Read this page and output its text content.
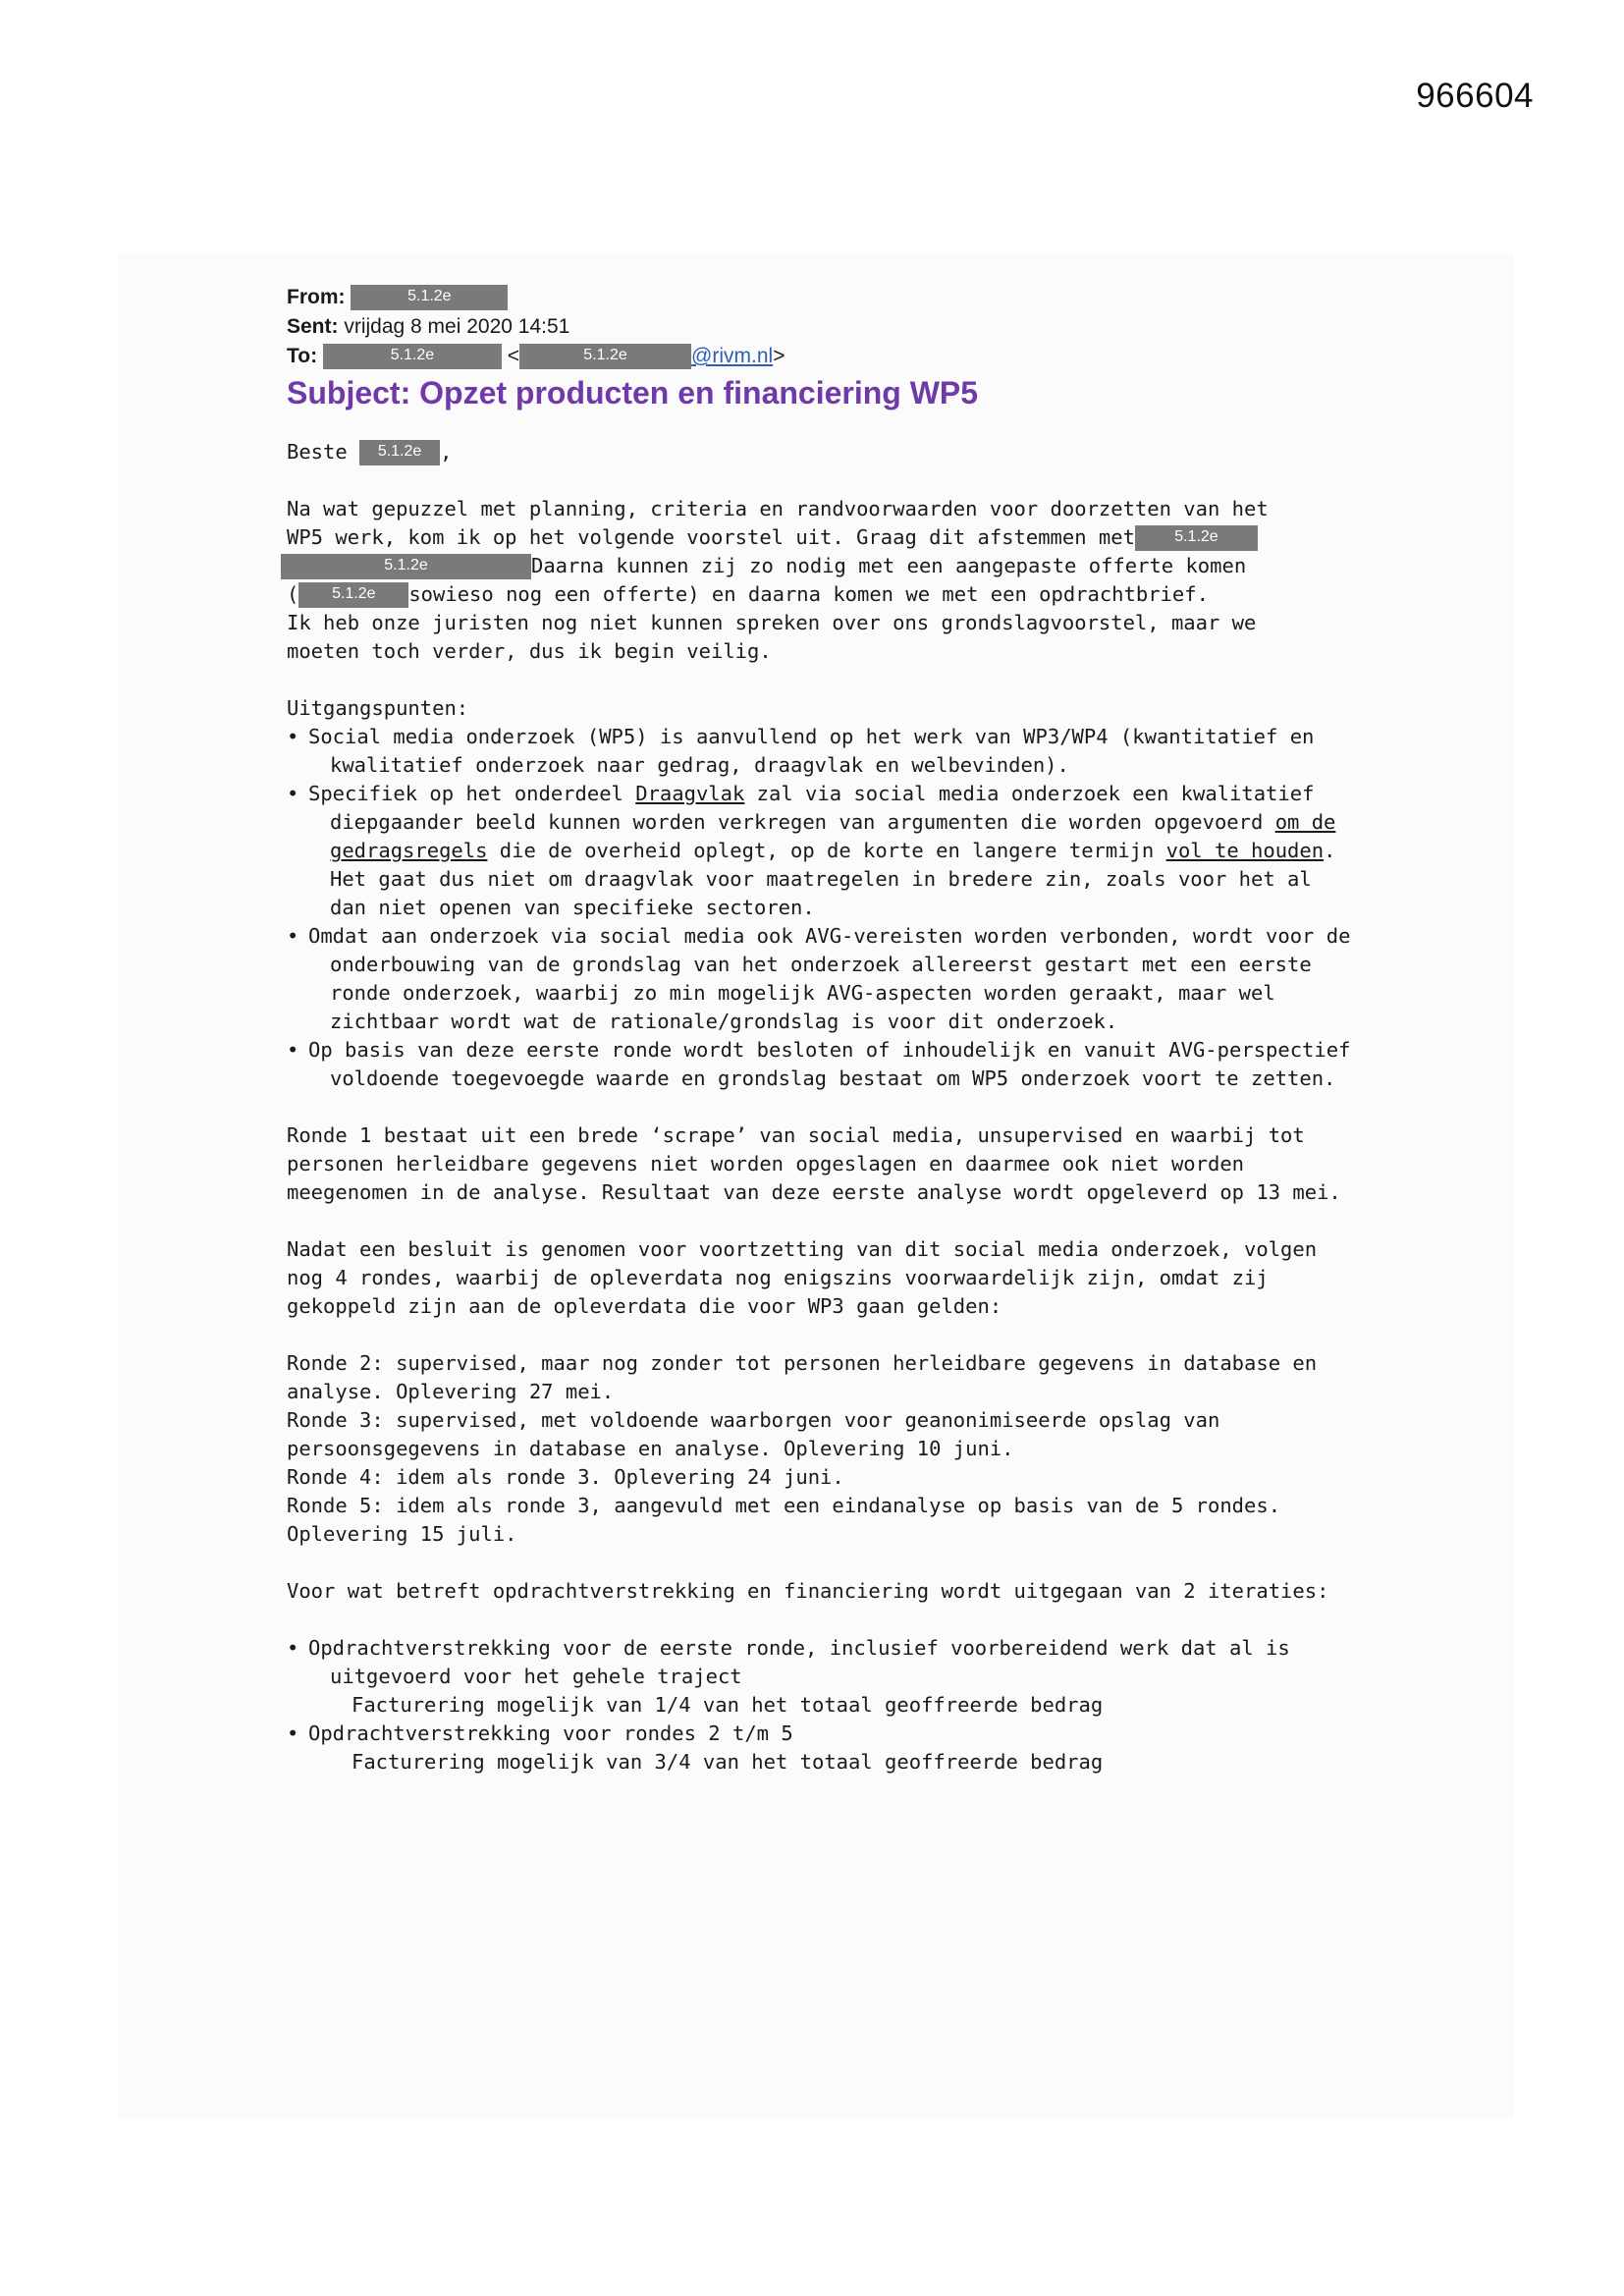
966604
From:	5.1.2e
Sent: vrijdag 8 mei 2020 14:51
To:	5.1.2e	<	5.1.2e	@rivm.nl>
Subject: Opzet producten en financiering WP5

Beste 5.1.2e ,

Na wat gepuzzel met planning, criteria en randvoorwaarden voor doorzetten van het
WP5 werk, kom ik op het volgende voorstel uit. Graag dit afstemmen met	5.1.2e
5.1.2e	Daarna kunnen zij zo nodig met een aangepaste offerte komen
( 5.1.2e sowieso nog een offerte) en daarna komen we met een opdrachtbrief.
Ik heb onze juristen nog niet kunnen spreken over ons grondslagvoorstel, maar we
moeten toch verder, dus ik begin veilig.

Uitgangspunten:

• Social media onderzoek (WP5) is aanvullend op het werk van WP3/WP4 (kwantitatief en kwalitatief onderzoek naar gedrag, draagvlak en welbevinden).
• Specifiek op het onderdeel Draagvlak zal via social media onderzoek een kwalitatief diepgaander beeld kunnen worden verkregen van argumenten die worden opgevoerd om de gedragsregels die de overheid oplegt, op de korte en langere termijn vol te houden. Het gaat dus niet om draagvlak voor maatregelen in bredere zin, zoals voor het al dan niet openen van specifieke sectoren.
• Omdat aan onderzoek via social media ook AVG-vereisten worden verbonden, wordt voor de onderbouwing van de grondslag van het onderzoek allereerst gestart met een eerste ronde onderzoek, waarbij zo min mogelijk AVG-aspecten worden geraakt, maar wel zichtbaar wordt wat de rationale/grondslag is voor dit onderzoek.
• Op basis van deze eerste ronde wordt besloten of inhoudelijk en vanuit AVG-perspectief voldoende toegevoegde waarde en grondslag bestaat om WP5 onderzoek voort te zetten.

Ronde 1 bestaat uit een brede ‘scrape’ van social media, unsupervised en waarbij tot personen herleidbare gegevens niet worden opgeslagen en daarmee ook niet worden meegenomen in de analyse. Resultaat van deze eerste analyse wordt opgeleverd op 13 mei.

Nadat een besluit is genomen voor voortzetting van dit social media onderzoek, volgen nog 4 rondes, waarbij de opleverdata nog enigszins voorwaardelijk zijn, omdat zij gekoppeld zijn aan de opleverdata die voor WP3 gaan gelden:

Ronde 2: supervised, maar nog zonder tot personen herleidbare gegevens in database en analyse. Oplevering 27 mei.

Ronde 3: supervised, met voldoende waarborgen voor geanonimiseerde opslag van persoonsgegevens in database en analyse. Oplevering 10 juni.

Ronde 4: idem als ronde 3. Oplevering 24 juni.

Ronde 5: idem als ronde 3, aangevuld met een eindanalyse op basis van de 5 rondes. Oplevering 15 juli.

Voor wat betreft opdrachtverstrekking en financiering wordt uitgegaan van 2 iteraties:

• Opdrachtverstrekking voor de eerste ronde, inclusief voorbereidend werk dat al is uitgevoerd voor het gehele traject
Facturering mogelijk van 1/4 van het totaal geoffreerde bedrag
• Opdrachtverstrekking voor rondes 2 t/m 5
Facturering mogelijk van 3/4 van het totaal geoffreerde bedrag
